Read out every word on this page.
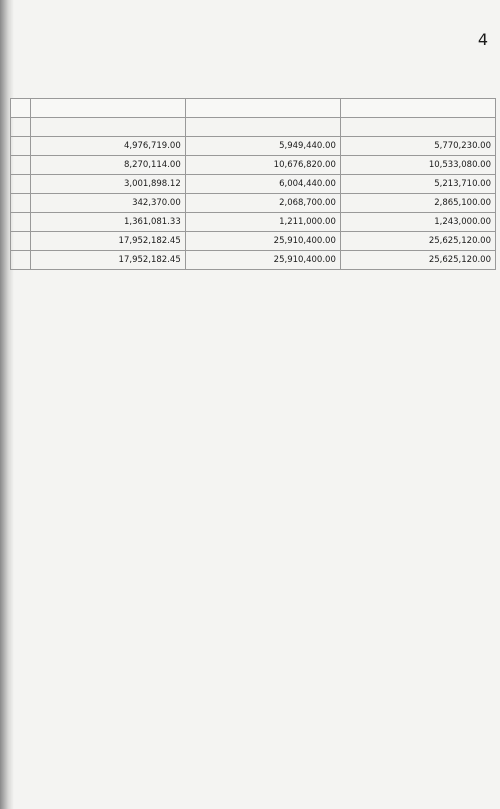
4

	4,976,719.00	5,949,440.00	5,770,230.00
	8,270,114.00	10,676,820.00	10,533,080.00
	3,001,898.12	6,004,440.00	5,213,710.00
	342,370.00	2,068,700.00	2,865,100.00
	1,361,081.33	1,211,000.00	1,243,000.00
	17,952,182.45	25,910,400.00	25,625,120.00
	17,952,182.45	25,910,400.00	25,625,120.00
